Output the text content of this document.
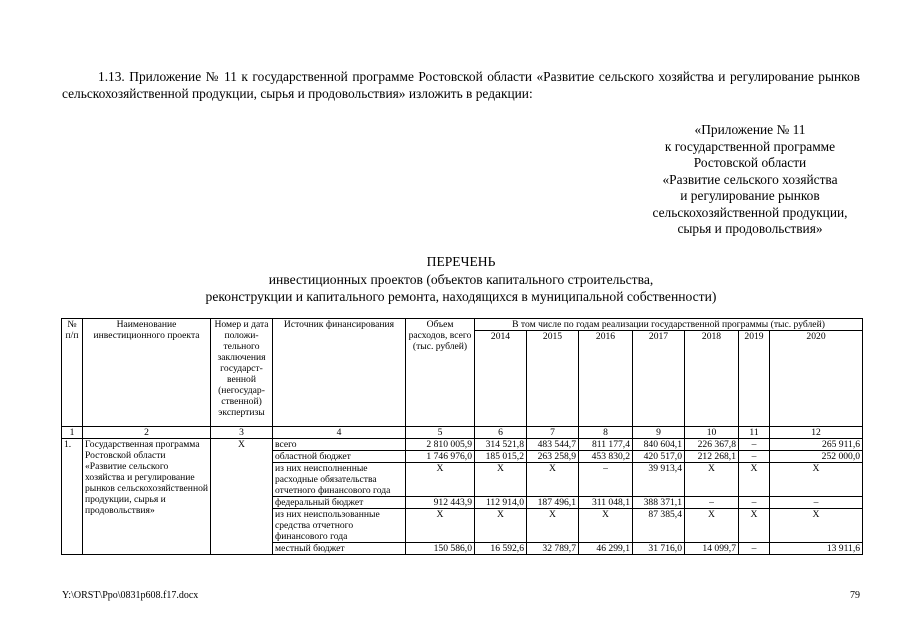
1.13. Приложение № 11 к государственной программе Ростовской области «Развитие сельского хозяйства и регулирование рынков сельскохозяйственной продукции, сырья и продовольствия» изложить в редакции:

«Приложение № 11
к государственной программе
Ростовской области
«Развитие сельского хозяйства
и регулирование рынков
сельскохозяйственной продукции,
сырья и продовольствия»
ПЕРЕЧЕНЬ
инвестиционных проектов (объектов капитального строительства,
реконструкции и капитального ремонта, находящихся в муниципальной собственности)
№ п/п	Наименование инвестиционного проекта	Номер и дата положи-тельного заключения государст-венной (негосудар-ственной) экспертизы	Источник финансирования	Объем расходов, всего (тыс. рублей)	В том числе по годам реализации государственной программы (тыс. рублей)						
					2014	2015	2016	2017	2018	2019	2020
1	2	3	4	5	6	7	8	9	10	11	12
1.	Государственная программа Ростовской области «Развитие сельского хозяйства и регулирование рынков сельскохозяйственной продукции, сырья и продовольствия»	Х	всего	2 810 005,9	314 521,8	483 544,7	811 177,4	840 604,1	226 367,8	–	265 911,6
			областной бюджет	1 746 976,0	185 015,2	263 258,9	453 830,2	420 517,0	212 268,1	–	252 000,0
			из них неисполненные расходные обязательства отчетного финансового года	Х	Х	Х	–	39 913,4	Х	Х	Х
			федеральный бюджет	912 443,9	112 914,0	187 496,1	311 048,1	388 371,1	–	–	–
			из них неиспользованные средства отчетного финансового года	Х	Х	Х	Х	87 385,4	Х	Х	Х
			местный бюджет	150 586,0	16 592,6	32 789,7	46 299,1	31 716,0	14 099,7	–	13 911,6
Y:\ORST\Ppo\0831p608.f17.docx	79
